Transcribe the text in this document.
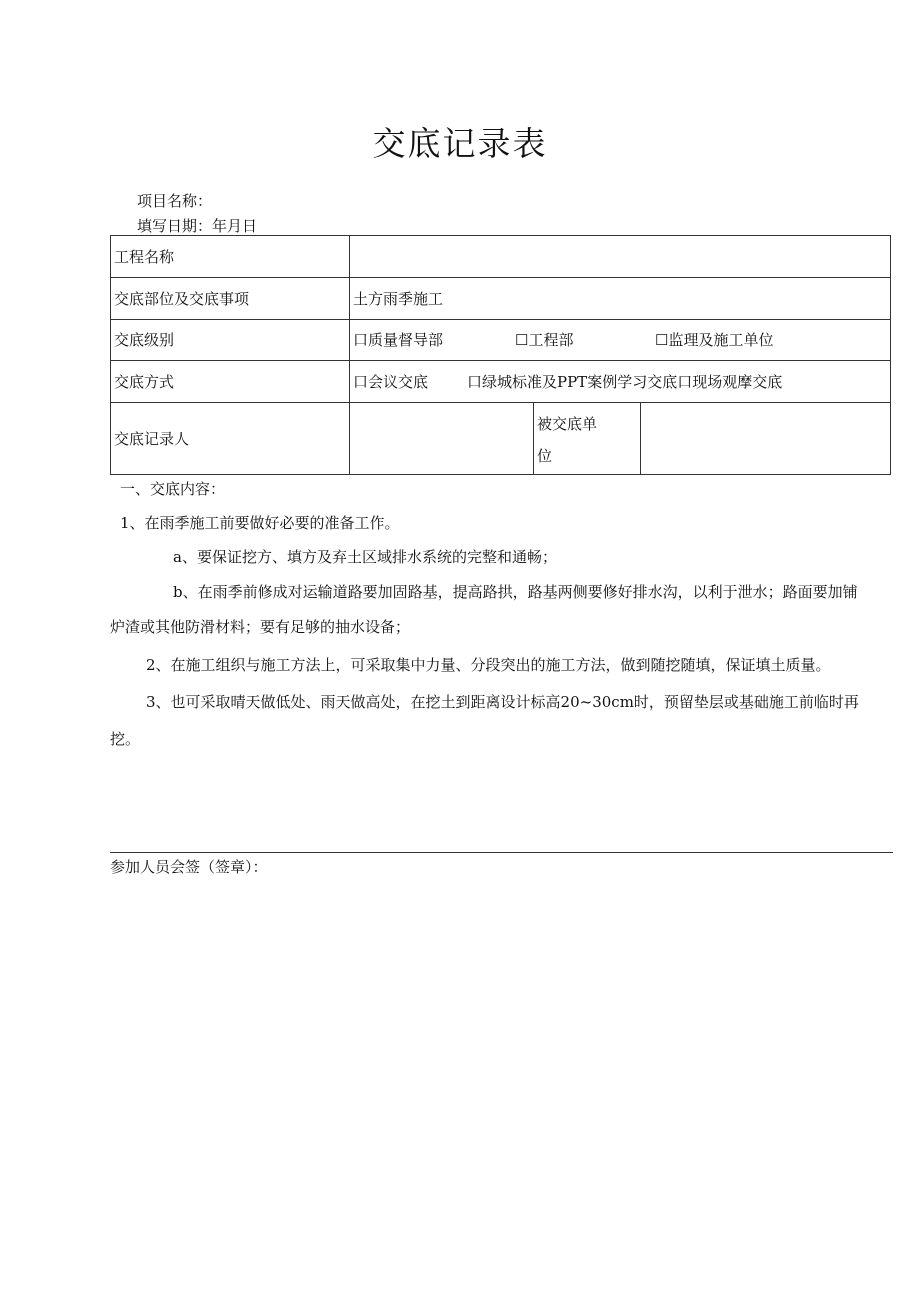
交底记录表
项目名称：
填写日期：年月日
工程名称			
交底部位及交底事项	土方雨季施工		
交底级别	口质量督导部 ☐工程部 ☐监理及施工单位		
交底方式	口会议交底 口绿城标准及PPT案例学习交底口现场观摩交底		
交底记录人		被交底单
位	

一、交底内容：
1、在雨季施工前要做好必要的准备工作。
a、要保证挖方、填方及弃土区域排水系统的完整和通畅；
b、在雨季前修成对运输道路要加固路基，提高路拱，路基两侧要修好排水沟，以利于泄水；路面要加铺
炉渣或其他防滑材料；要有足够的抽水设备；
2、在施工组织与施工方法上，可采取集中力量、分段突出的施工方法，做到随挖随填，保证填土质量。
3、也可采取晴天做低处、雨天做高处，在挖土到距离设计标高20~30cm时，预留垫层或基础施工前临时再
挖。
参加人员会签（签章）：
